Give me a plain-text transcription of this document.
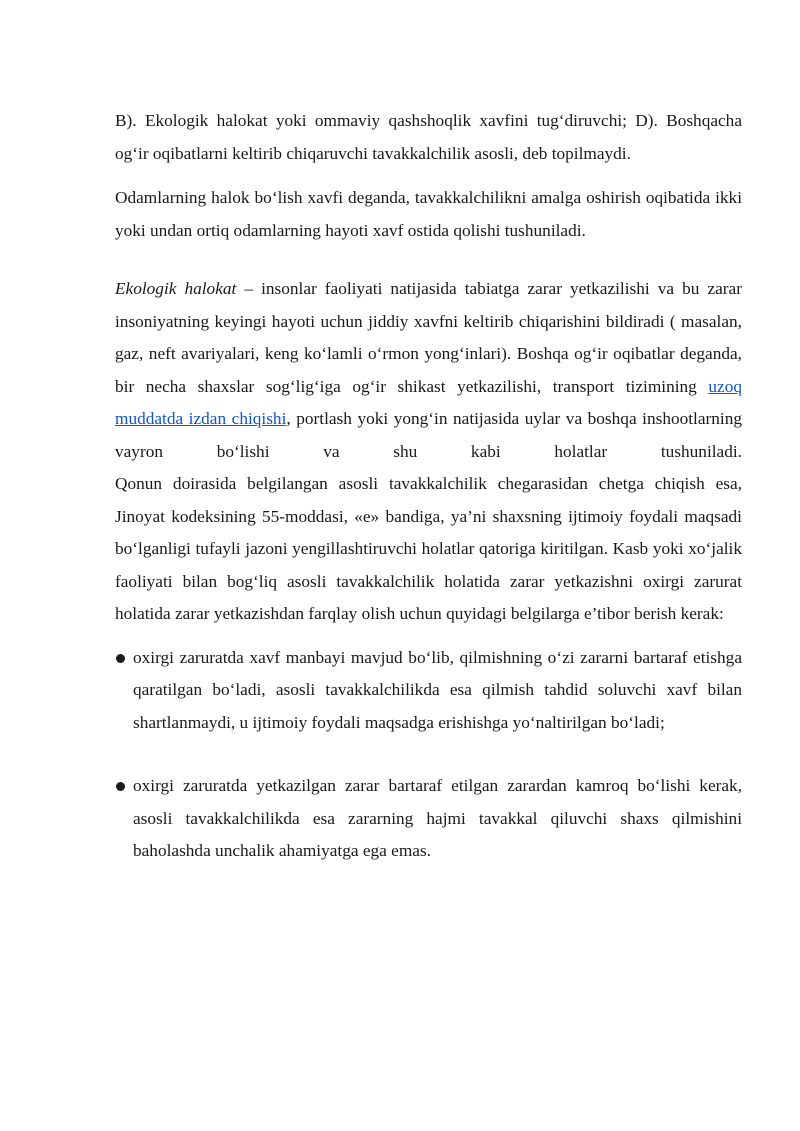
B). Ekologik halokat yoki ommaviy qashshoqlik xavfini tug‘diruvchi; D). Boshqacha og‘ir oqibatlarni keltirib chiqaruvchi tavakkalchilik asosli, deb topilmaydi.

Odamlarning halok bo‘lish xavfi deganda, tavakkalchilikni amalga oshirish oqibatida ikki yoki undan ortiq odamlarning hayoti xavf ostida qolishi tushuniladi.

Ekologik halokat – insonlar faoliyati natijasida tabiatga zarar yetkazilishi va bu zarar insoniyatning keyingi hayoti uchun jiddiy xavfni keltirib chiqarishini bildiradi ( masalan, gaz, neft avariyalari, keng ko‘lamli o‘rmon yong‘inlari). Boshqa og‘ir oqibatlar deganda, bir necha shaxslar sog‘lig‘iga og‘ir shikast yetkazilishi, transport tizimining uzoq muddatda izdan chiqishi, portlash yoki yong‘in natijasida uylar va boshqa inshootlarning vayron bo‘lishi va shu kabi holatlar tushuniladi.

Qonun doirasida belgilangan asosli tavakkalchilik chegarasidan chetga chiqish esa, Jinoyat kodeksining 55-moddasi, «e» bandiga, ya’ni shaxsning ijtimoiy foydali maqsadi bo‘lganligi tufayli jazoni yengillashtiruvchi holatlar qatoriga kiritilgan. Kasb yoki xo‘jalik faoliyati bilan bog‘liq asosli tavakkalchilik holatida zarar yetkazishni oxirgi zarurat holatida zarar yetkazishdan farqlay olish uchun quyidagi belgilarga e’tibor berish kerak:

oxirgi zaruratda xavf manbayi mavjud bo‘lib, qilmishning o‘zi zararni bartaraf etishga qaratilgan bo‘ladi, asosli tavakkalchilikda esa qilmish tahdid soluvchi xavf bilan shartlanmaydi, u ijtimoiy foydali maqsadga erishishga yo‘naltirilgan bo‘ladi;
oxirgi zaruratda yetkazilgan zarar bartaraf etilgan zarardan kamroq bo‘lishi kerak, asosli tavakkalchilikda esa zararning hajmi tavakkal qiluvchi shaxs qilmishini baholashda unchalik ahamiyatga ega emas.
